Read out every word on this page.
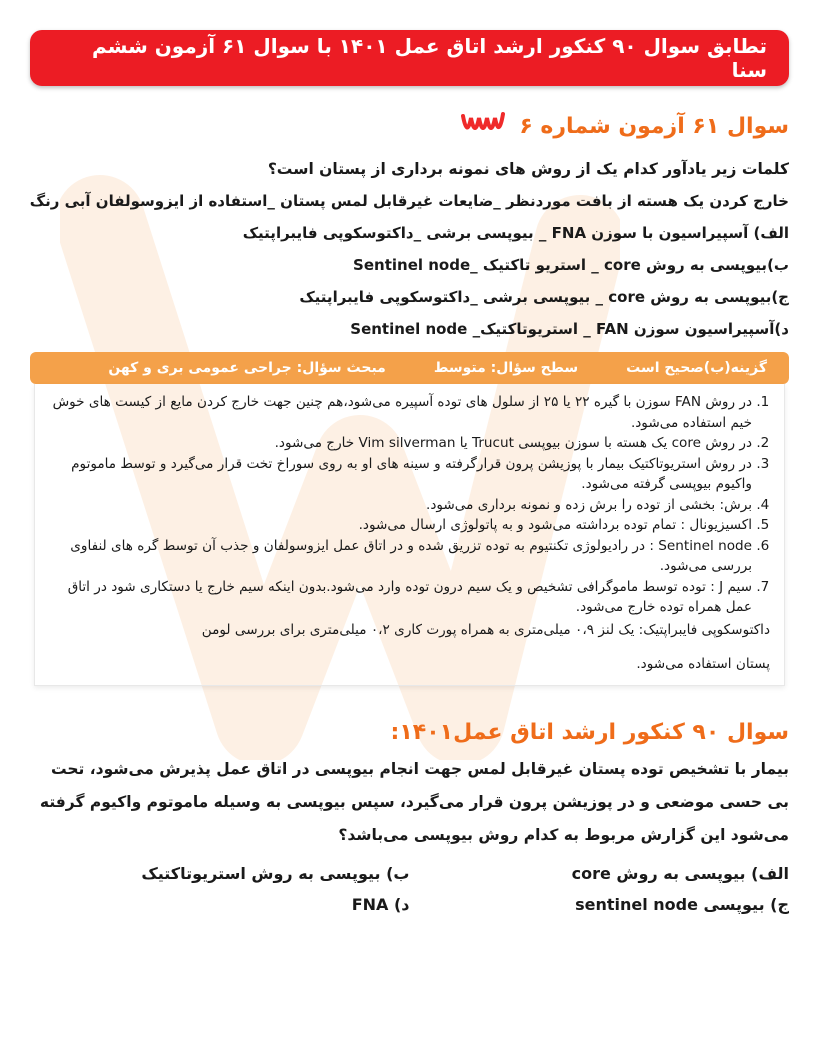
تطابق سوال ۹۰ کنکور ارشد اتاق عمل ۱۴۰۱ با سوال ۶۱ آزمون ششم سنا
سوال ۶۱ آزمون شماره ۶
کلمات زیر یادآور کدام یک از روش های نمونه برداری از پستان است؟
خارج کردن یک هسته از بافت موردنظر _ضایعات غیرقابل لمس پستان _استفاده از ایزوسولفان آبی رنگ
الف) آسپیراسیون با سوزن FNA _ بیوپسی برشی _داکتوسکوپی فایبراپتیک
ب)بیوپسی به روش core _ استریو تاکتیک _Sentinel node
ج)بیوپسی به روش core _ بیوپسی برشی _داکتوسکوپی فایبراپتیک
د)آسپیراسیون سوزن FAN _ استریوتاکتیک_ Sentinel node
گزینه(ب)صحیح است
سطح سؤال: متوسط
مبحث سؤال: جراحی عمومی بری و کهن
1. در روش FAN سوزن با گیره ۲۲ یا ۲۵ از سلول های توده آسپیره می‌شود،هم چنین جهت خارج کردن مایع از کیست های خوش خیم استفاده می‌شود.
2. در روش core یک هسته با سوزن بیوپسی Trucut یا Vim silverman خارج می‌شود.
3. در روش استریوتاکتیک بیمار با پوزیشن پرون قرارگرفته و سینه های او به روی سوراخ تخت قرار می‌گیرد و توسط ماموتوم واکیوم بیوپسی گرفته می‌شود.
4. برش: بخشی از توده را برش زده و نمونه برداری می‌شود.
5. اکسیزیونال : تمام توده برداشته می‌شود و به پاتولوژی ارسال می‌شود.
6. Sentinel node : در رادیولوژی تکنتیوم به توده تزریق شده و در اتاق عمل ایزوسولفان و جذب آن توسط گره های لنفاوی بررسی می‌شود.
7. سیم J : توده توسط ماموگرافی تشخیص و یک سیم درون توده وارد می‌شود.بدون اینکه سیم خارج یا دستکاری شود در اتاق عمل همراه توده خارج می‌شود.

داکتوسکوپی فایبراپتیک: یک لنز ۰،۹ میلی‌متری به همراه پورت کاری ۰،۲ میلی‌متری برای بررسی لومن

پستان استفاده می‌شود.

سوال ۹۰ کنکور ارشد اتاق عمل۱۴۰۱:
بیمار با تشخیص توده پستان غیرقابل لمس جهت انجام بیوپسی در اتاق عمل پذیرش می‌شود، تحت بی حسی موضعی و در پوزیشن پرون قرار می‌گیرد، سپس بیوپسی به وسیله ماموتوم واکیوم گرفته می‌شود این گزارش مربوط به کدام روش بیوپسی می‌باشد؟
الف) بیوپسی به روش core
ب) بیوپسی به روش استریوتاکتیک
ج) بیوپسی sentinel node
د) FNA
